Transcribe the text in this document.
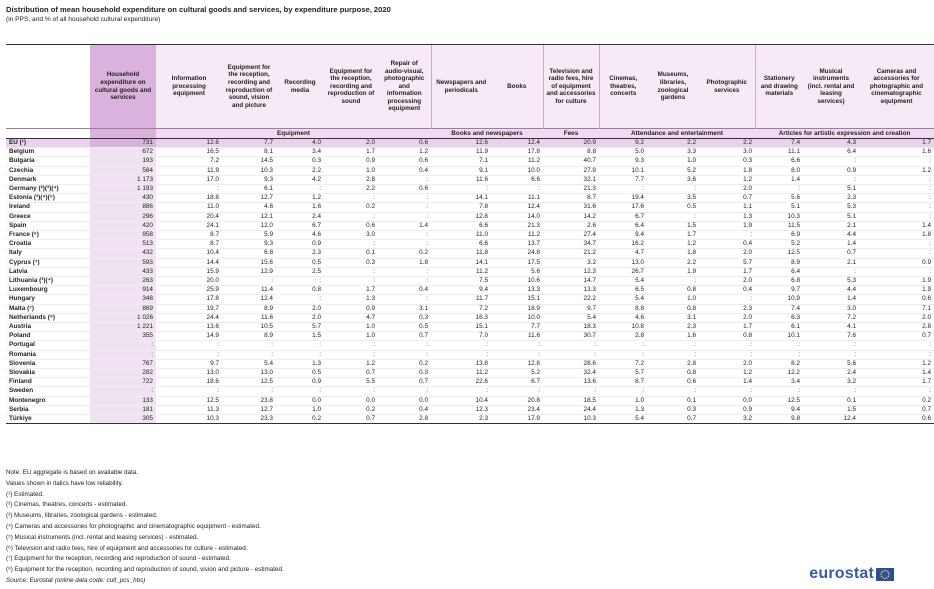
Distribution of mean household expenditure on cultural goods and services, by expenditure purpose, 2020
(in PPS, and % of all household cultural expenditure)
	Household expenditure on cultural goods and services	Information processing equipment	Equipment for the reception, recording and reproduction of sound, vision and picture	Recording media	Equipment for the reception, recording and reproduction of sound	Repair of audio-visual, photographic and information processing equipment	Newspapers and periodicals	Books	Television and radio fees, hire of equipment and accessories for culture	Cinemas, theatres, concerts	Museums, libraries, zoological gardens	Photographic services	Stationery and drawing materials	Musical instruments (incl. rental and leasing services)	Cameras and accessories for photographic and cinematographic equipment
		Equipment					Books and newspapers		Fees	Attendance and entertainment			Articles for artistic expression and creation		
EU (¹)	731	12.6	7.7	4.0	2.0	0.6	12.6	12.4	20.9	9.2	2.2	2.2	7.4	4.3	1.7
Belgium	672	16.5	8.1	3.4	1.7	1.2	11.9	17.8	8.8	5.0	3.3	3.0	11.1	6.4	1.6
Bulgaria	193	7.2	14.5	0.3	0.9	0.6	7.1	11.2	40.7	9.3	1.0	0.3	6.6	:	:
Czechia	584	11.9	10.3	2.2	1.0	0.4	9.1	10.0	27.9	10.1	5.2	1.8	8.0	0.9	1.2
Denmark	1 173	17.0	9.3	4.2	2.8	:	11.6	6.6	32.1	7.7	3.6	1.2	1.4	:	:
Germany (²)(³)(⁴)	1 193	:	6.1	:	2.2	0.6	:	:	21.3	:	:	2.0	:	5.1	:
Estonia (³)(⁴)(⁵)	430	18.8	12.7	1.2	:	:	14.1	11.1	8.7	19.4	3.5	0.7	5.6	2.3	:
Ireland	886	11.0	4.6	1.6	0.2	:	7.8	12.4	31.6	17.6	0.5	1.1	5.1	5.3	:
Greece	296	20.4	12.1	2.4	:	:	12.8	14.0	14.2	6.7	:	1.3	10.3	5.1	:
Spain	420	24.1	12.0	6.7	0.6	1.4	6.6	21.3	2.6	6.4	1.5	1.9	11.5	2.1	1.4
France (⁶)	958	8.7	5.9	4.6	3.0	:	11.0	11.2	27.4	9.4	1.7	:	6.9	4.4	1.8
Croatia	513	8.7	9.3	0.9	:	:	6.6	13.7	34.7	16.2	1.2	0.4	5.2	1.4	:
Italy	432	10.4	6.8	2.3	0.1	0.2	11.8	24.8	21.2	4.7	1.8	2.0	12.5	0.7	:
Cyprus (⁷)	593	14.4	15.6	0.5	0.3	1.8	14.1	17.5	3.2	13.0	2.2	5.7	8.9	2.1	0.9
Latvia	433	15.9	12.9	2.5	:	:	11.2	5.6	12.3	26.7	1.9	1.7	6.4	:	:
Lithuania (³)(⁴)	263	20.0	:	:	:	:	7.5	10.6	14.7	5.4	:	2.0	6.8	5.3	1.9
Luxembourg	914	25.9	11.4	0.8	1.7	0.4	9.4	13.3	13.3	6.5	0.8	0.4	9.7	4.4	1.9
Hungary	348	17.8	12.4	:	1.3	:	11.7	15.1	22.2	5.4	1.0	:	10.9	1.4	0.6
Malta (⁷)	869	19.7	8.9	2.0	0.9	3.1	7.2	18.9	9.7	8.8	0.8	2.3	7.4	3.0	7.1
Netherlands (⁸)	1 026	24.4	11.6	2.0	4.7	0.3	16.3	10.0	5.4	4.6	3.1	2.0	6.3	7.2	2.0
Austria	1 221	13.6	10.5	5.7	1.0	0.5	15.1	7.7	18.3	10.8	2.3	1.7	6.1	4.1	2.8
Poland	355	14.9	8.9	1.5	1.0	0.7	7.0	11.6	30.7	2.8	1.6	0.8	10.1	7.6	0.7
Portugal	:	:	:	:	:	:	:	:	:	:	:	:	:	:	:
Romania	:	:	:	:	:	:	:	:	:	:	:	:	:	:	:
Slovenia	767	9.7	5.4	1.3	1.2	0.2	13.8	12.8	28.6	7.2	2.8	2.0	8.2	5.6	1.2
Slovakia	282	13.0	13.0	0.5	0.7	0.3	11.2	5.2	32.4	5.7	0.8	1.2	12.2	2.4	1.4
Finland	722	18.6	12.5	0.9	5.5	0.7	22.6	6.7	13.6	8.7	0.6	1.4	3.4	3.2	1.7
Sweden	:	:	:	:	:	:	:	:	:	:	:	:	:	:	:
Montenegro	133	12.5	23.8	0.0	0.0	0.0	10.4	20.8	18.5	1.0	0.1	0.0	12.5	0.1	0.2
Serbia	181	11.3	12.7	1.0	0.2	0.4	12.3	23.4	24.4	1.3	0.3	0.9	9.4	1.5	0.7
Türkiye	305	10.3	23.3	0.2	0.7	2.8	2.3	17.9	10.3	5.4	0.7	3.2	9.8	12.4	0.6
Note: EU aggregate is based on available data.
Values shown in italics have low reliability.
(¹) Estimated.
(²) Cinemas, theatres, concerts - estimated.
(³) Museums, libraries, zoological gardens - estimated.
(⁴) Cameras and accessories for photographic and cinematographic equipment - estimated.
(⁵) Musical instruments (incl. rental and leasing services) - estimated.
(⁶) Television and radio fees, hire of equipment and accessories for culture - estimated.
(⁷) Equipment for the reception, recording and reproduction of sound - estimated.
(⁸) Equipment for the reception, recording and reproduction of sound, vision and picture - estimated.
Source: Eurostat (online data code: cult_pcs_hbs)	eurostat
